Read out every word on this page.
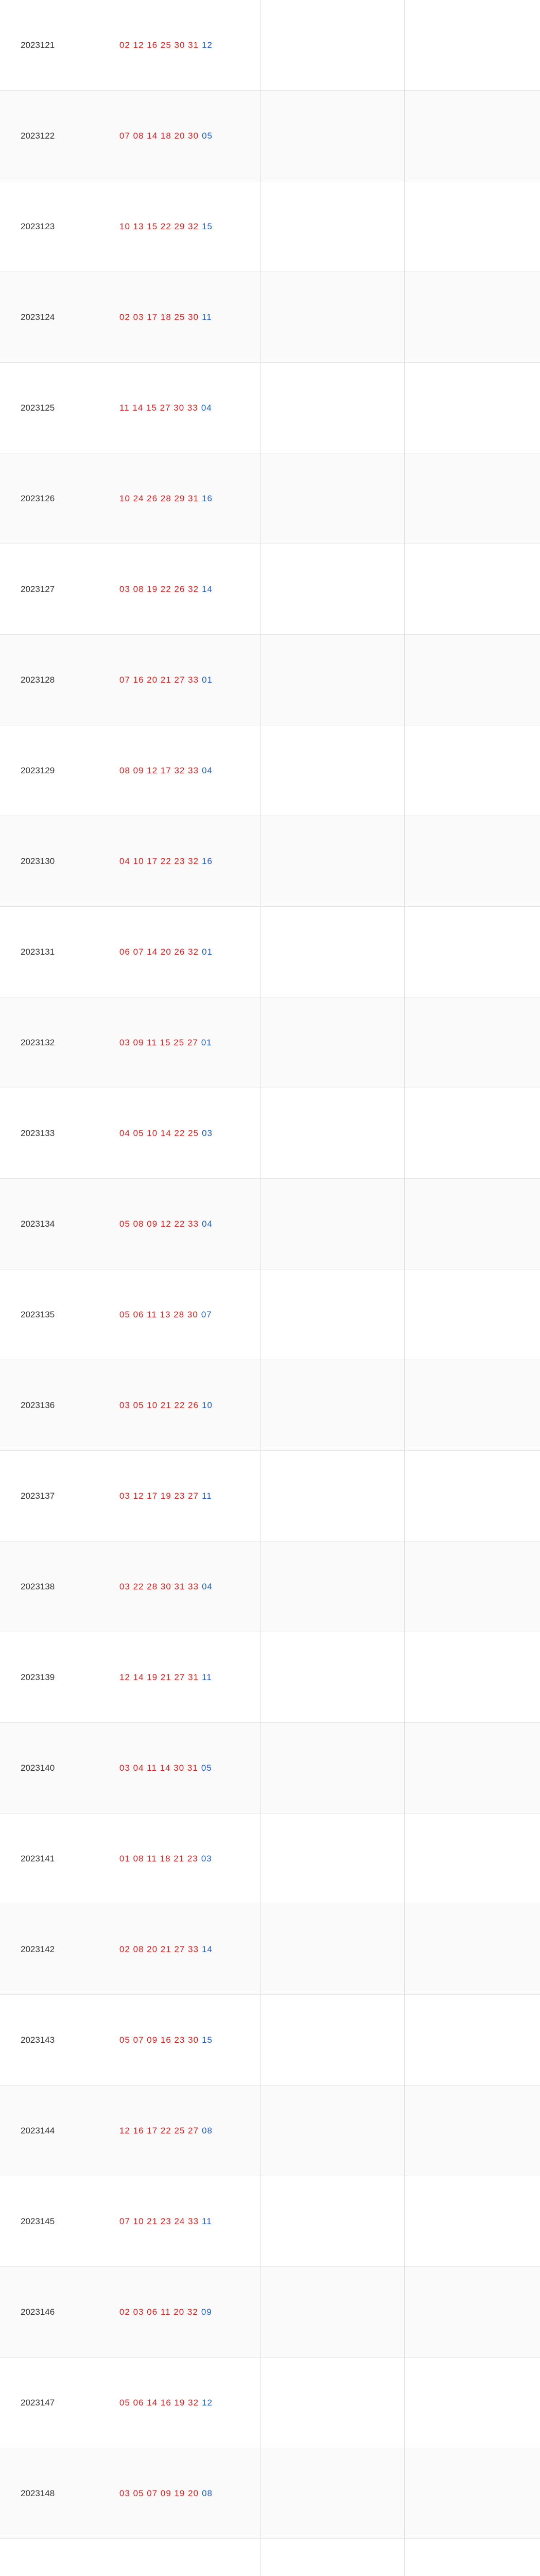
2023121	02 12 16 25 30 31 12
2023122	07 08 14 18 20 30 05
2023123	10 13 15 22 29 32 15
2023124	02 03 17 18 25 30 11
2023125	11 14 15 27 30 33 04
2023126	10 24 26 28 29 31 16
2023127	03 08 19 22 26 32 14
2023128	07 16 20 21 27 33 01
2023129	08 09 12 17 32 33 04
2023130	04 10 17 22 23 32 16
2023131	06 07 14 20 26 32 01
2023132	03 09 11 15 25 27 01
2023133	04 05 10 14 22 25 03
2023134	05 08 09 12 22 33 04
2023135	05 06 11 13 28 30 07
2023136	03 05 10 21 22 26 10
2023137	03 12 17 19 23 27 11
2023138	03 22 28 30 31 33 04
2023139	12 14 19 21 27 31 11
2023140	03 04 11 14 30 31 05
2023141	01 08 11 18 21 23 03
2023142	02 08 20 21 27 33 14
2023143	05 07 09 16 23 30 15
2023144	12 16 17 22 25 27 08
2023145	07 10 21 23 24 33 11
2023146	02 03 06 11 20 32 09
2023147	05 06 14 16 19 32 12
2023148	03 05 07 09 19 20 08
